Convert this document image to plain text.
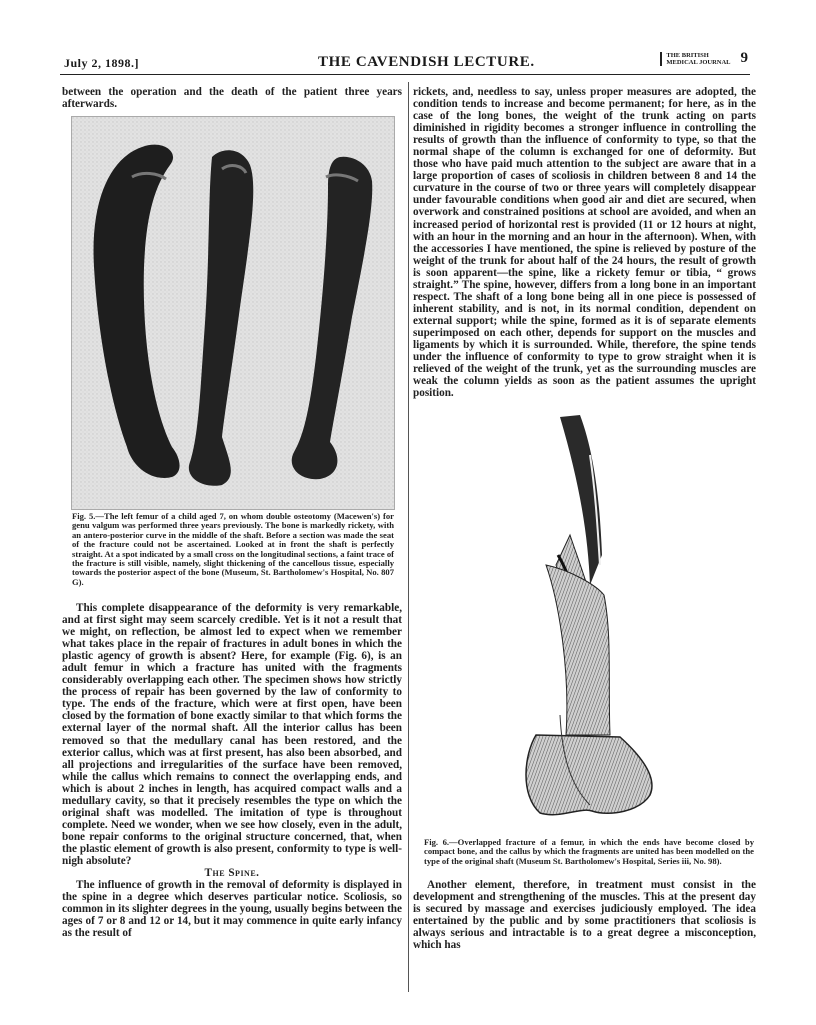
July 2, 1898.]	THE CAVENDISH LECTURE.	THE BRITISH
MEDICAL JOURNAL 9

between the operation and the death of the patient three years afterwards.

Fig. 5.—The left femur of a child aged 7, on whom double osteotomy (Macewen's) for genu valgum was performed three years previously. The bone is markedly rickety, with an antero-posterior curve in the middle of the shaft. Before a section was made the seat of the fracture could not be ascertained. Looked at in front the shaft is perfectly straight. At a spot indicated by a small cross on the longitudinal sections, a faint trace of the fracture is still visible, namely, slight thickening of the cancellous tissue, especially towards the posterior aspect of the bone (Museum, St. Bartholomew's Hospital, No. 807 G).

This complete disappearance of the deformity is very remarkable, and at first sight may seem scarcely credible. Yet is it not a result that we might, on reflection, be almost led to expect when we remember what takes place in the repair of fractures in adult bones in which the plastic agency of growth is absent? Here, for example (Fig. 6), is an adult femur in which a fracture has united with the fragments considerably overlapping each other. The specimen shows how strictly the process of repair has been governed by the law of conformity to type. The ends of the fracture, which were at first open, have been closed by the formation of bone exactly similar to that which forms the external layer of the normal shaft. All the interior callus has been removed so that the medullary canal has been restored, and the exterior callus, which was at first present, has also been absorbed, and all projections and irregularities of the surface have been removed, while the callus which remains to connect the overlapping ends, and which is about 2 inches in length, has acquired compact walls and a medullary cavity, so that it precisely resembles the type on which the original shaft was modelled. The imitation of type is throughout complete. Need we wonder, when we see how closely, even in the adult, bone repair conforms to the original structure concerned, that, when the plastic element of growth is also present, conformity to type is well-nigh absolute?

The Spine.

The influence of growth in the removal of deformity is displayed in the spine in a degree which deserves particular notice. Scoliosis, so common in its slighter degrees in the young, usually begins between the ages of 7 or 8 and 12 or 14, but it may commence in quite early infancy as the result of

rickets, and, needless to say, unless proper measures are adopted, the condition tends to increase and become permanent; for here, as in the case of the long bones, the weight of the trunk acting on parts diminished in rigidity becomes a stronger influence in controlling the results of growth than the influence of conformity to type, so that the normal shape of the column is exchanged for one of deformity. But those who have paid much attention to the subject are aware that in a large proportion of cases of scoliosis in children between 8 and 14 the curvature in the course of two or three years will completely disappear under favourable conditions when good air and diet are secured, when overwork and constrained positions at school are avoided, and when an increased period of horizontal rest is provided (11 or 12 hours at night, with an hour in the morning and an hour in the afternoon). When, with the accessories I have mentioned, the spine is relieved by posture of the weight of the trunk for about half of the 24 hours, the result of growth is soon apparent—the spine, like a rickety femur or tibia, “ grows straight.” The spine, however, differs from a long bone in an important respect. The shaft of a long bone being all in one piece is possessed of inherent stability, and is not, in its normal condition, dependent on external support; while the spine, formed as it is of separate elements superimposed on each other, depends for support on the muscles and ligaments by which it is surrounded. While, therefore, the spine tends under the influence of conformity to type to grow straight when it is relieved of the weight of the trunk, yet as the surrounding muscles are weak the column yields as soon as the patient assumes the upright position.

Fig. 6.—Overlapped fracture of a femur, in which the ends have become closed by compact bone, and the callus by which the fragments are united has been modelled on the type of the original shaft (Museum St. Bartholomew's Hospital, Series iii, No. 98).

Another element, therefore, in treatment must consist in the development and strengthening of the muscles. This at the present day is secured by massage and exercises judiciously employed. The idea entertained by the public and by some practitioners that scoliosis is always serious and intractable is to a great degree a misconception, which has
